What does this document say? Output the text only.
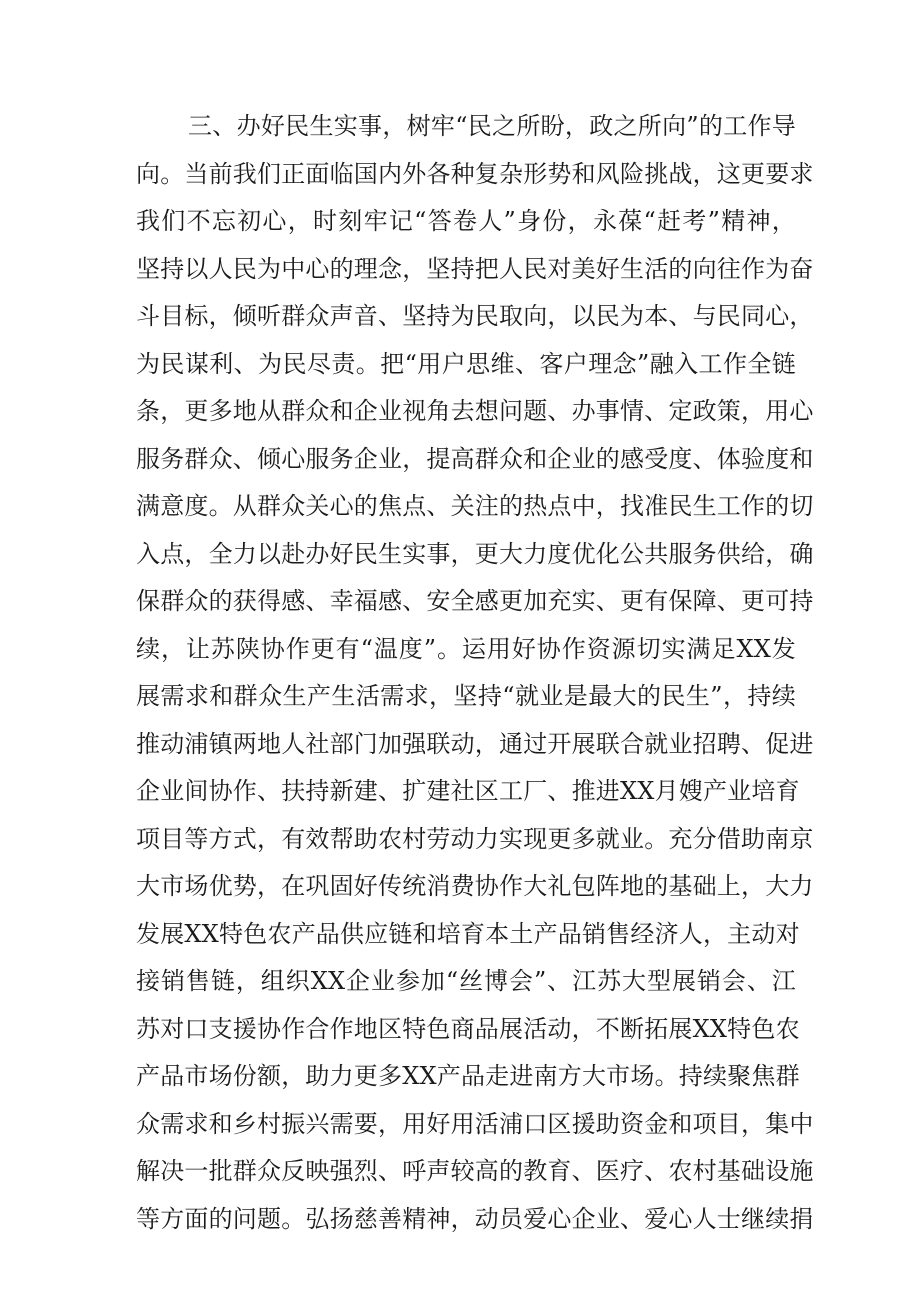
三、办好民生实事，树牢“民之所盼，政之所向”的工作导
向。当前我们正面临国内外各种复杂形势和风险挑战，这更要求
我们不忘初心，时刻牢记“答卷人”身份，永葆“赶考”精神，
坚持以人民为中心的理念，坚持把人民对美好生活的向往作为奋
斗目标，倾听群众声音、坚持为民取向，以民为本、与民同心，
为民谋利、为民尽责。把“用户思维、客户理念”融入工作全链
条，更多地从群众和企业视角去想问题、办事情、定政策，用心
服务群众、倾心服务企业，提高群众和企业的感受度、体验度和
满意度。从群众关心的焦点、关注的热点中，找准民生工作的切
入点，全力以赴办好民生实事，更大力度优化公共服务供给，确
保群众的获得感、幸福感、安全感更加充实、更有保障、更可持
续，让苏陕协作更有“温度”。运用好协作资源切实满足XX发
展需求和群众生产生活需求，坚持“就业是最大的民生”，持续
推动浦镇两地人社部门加强联动，通过开展联合就业招聘、促进
企业间协作、扶持新建、扩建社区工厂、推进XX月嫂产业培育
项目等方式，有效帮助农村劳动力实现更多就业。充分借助南京
大市场优势，在巩固好传统消费协作大礼包阵地的基础上，大力
发展XX特色农产品供应链和培育本土产品销售经济人，主动对
接销售链，组织XX企业参加“丝博会”、江苏大型展销会、江
苏对口支援协作合作地区特色商品展活动，不断拓展XX特色农
产品市场份额，助力更多XX产品走进南方大市场。持续聚焦群
众需求和乡村振兴需要，用好用活浦口区援助资金和项目，集中
解决一批群众反映强烈、呼声较高的教育、医疗、农村基础设施
等方面的问题。弘扬慈善精神，动员爱心企业、爱心人士继续捐
